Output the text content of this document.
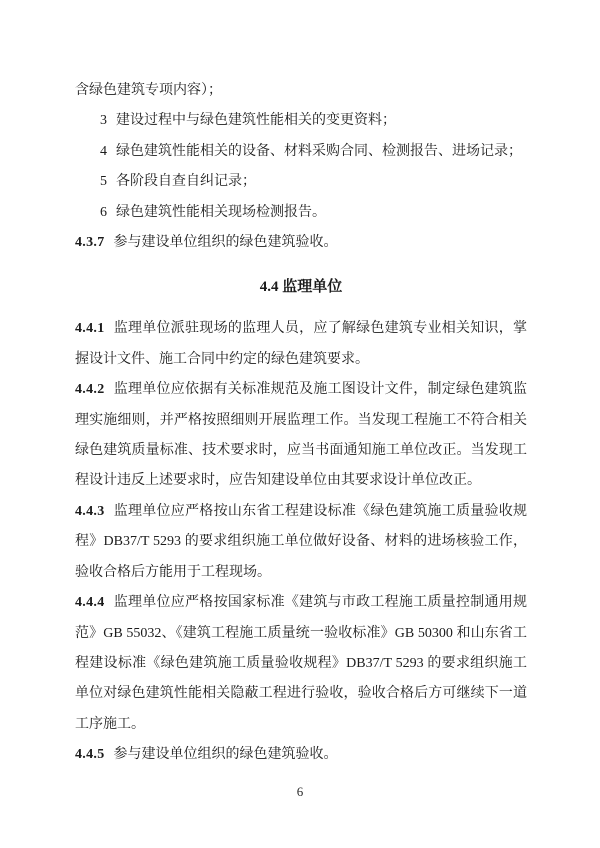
含绿色建筑专项内容）；

3 建设过程中与绿色建筑性能相关的变更资料；

4 绿色建筑性能相关的设备、材料采购合同、检测报告、进场记录；

5 各阶段自查自纠记录；

6 绿色建筑性能相关现场检测报告。

4.3.7 参与建设单位组织的绿色建筑验收。

4.4 监理单位

4.4.1 监理单位派驻现场的监理人员，应了解绿色建筑专业相关知识，掌握设计文件、施工合同中约定的绿色建筑要求。

4.4.2 监理单位应依据有关标准规范及施工图设计文件，制定绿色建筑监理实施细则，并严格按照细则开展监理工作。当发现工程施工不符合相关绿色建筑质量标准、技术要求时，应当书面通知施工单位改正。当发现工程设计违反上述要求时，应告知建设单位由其要求设计单位改正。

4.4.3 监理单位应严格按山东省工程建设标准《绿色建筑施工质量验收规程》DB37/T 5293 的要求组织施工单位做好设备、材料的进场核验工作，验收合格后方能用于工程现场。

4.4.4 监理单位应严格按国家标准《建筑与市政工程施工质量控制通用规范》GB 55032、《建筑工程施工质量统一验收标准》GB 50300 和山东省工程建设标准《绿色建筑施工质量验收规程》DB37/T 5293 的要求组织施工单位对绿色建筑性能相关隐蔽工程进行验收，验收合格后方可继续下一道工序施工。

4.4.5 参与建设单位组织的绿色建筑验收。

6
